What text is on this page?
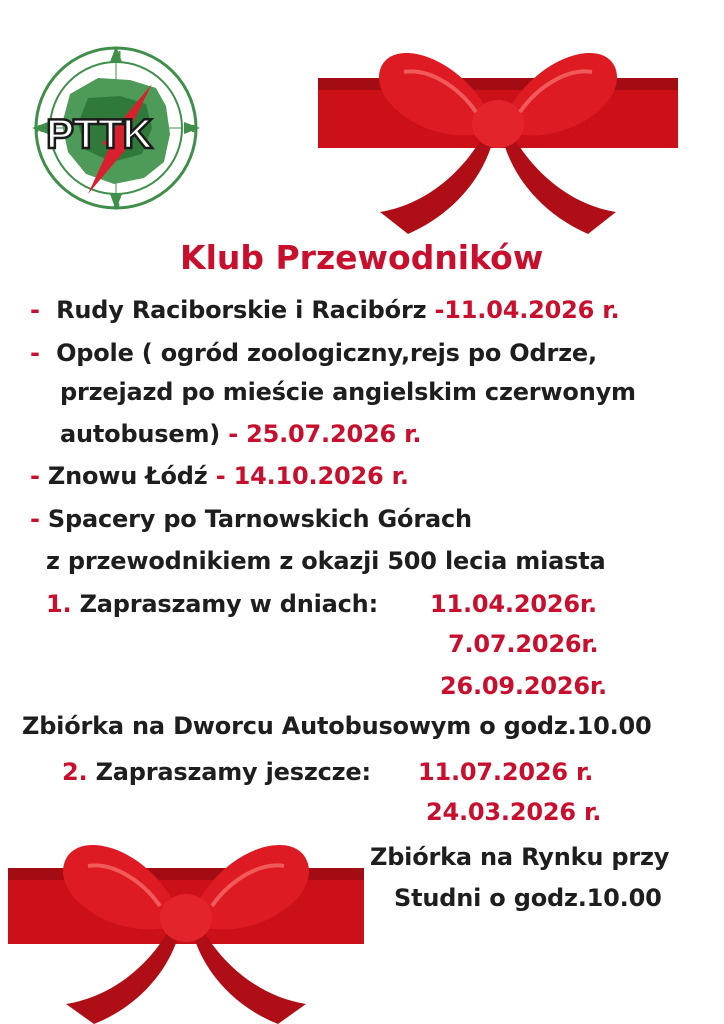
PTTK
N
S
W	E
Klub Przewodników
- Rudy Raciborskie i Racibórz -11.04.2026 r.
- Opole ( ogród zoologiczny,rejs po Odrze,
przejazd po mieście angielskim czerwonym
autobusem) - 25.07.2026 r.
- Znowu Łódź - 14.10.2026 r.
- Spacery po Tarnowskich Górach
z przewodnikiem z okazji 500 lecia miasta
1. Zapraszamy w dniach: 11.04.2026r.
7.07.2026r.
26.09.2026r.
Zbiórka na Dworcu Autobusowym o godz.10.00
2. Zapraszamy jeszcze: 11.07.2026 r.
24.03.2026 r.
Zbiórka na Rynku przy
Studni o godz.10.00
